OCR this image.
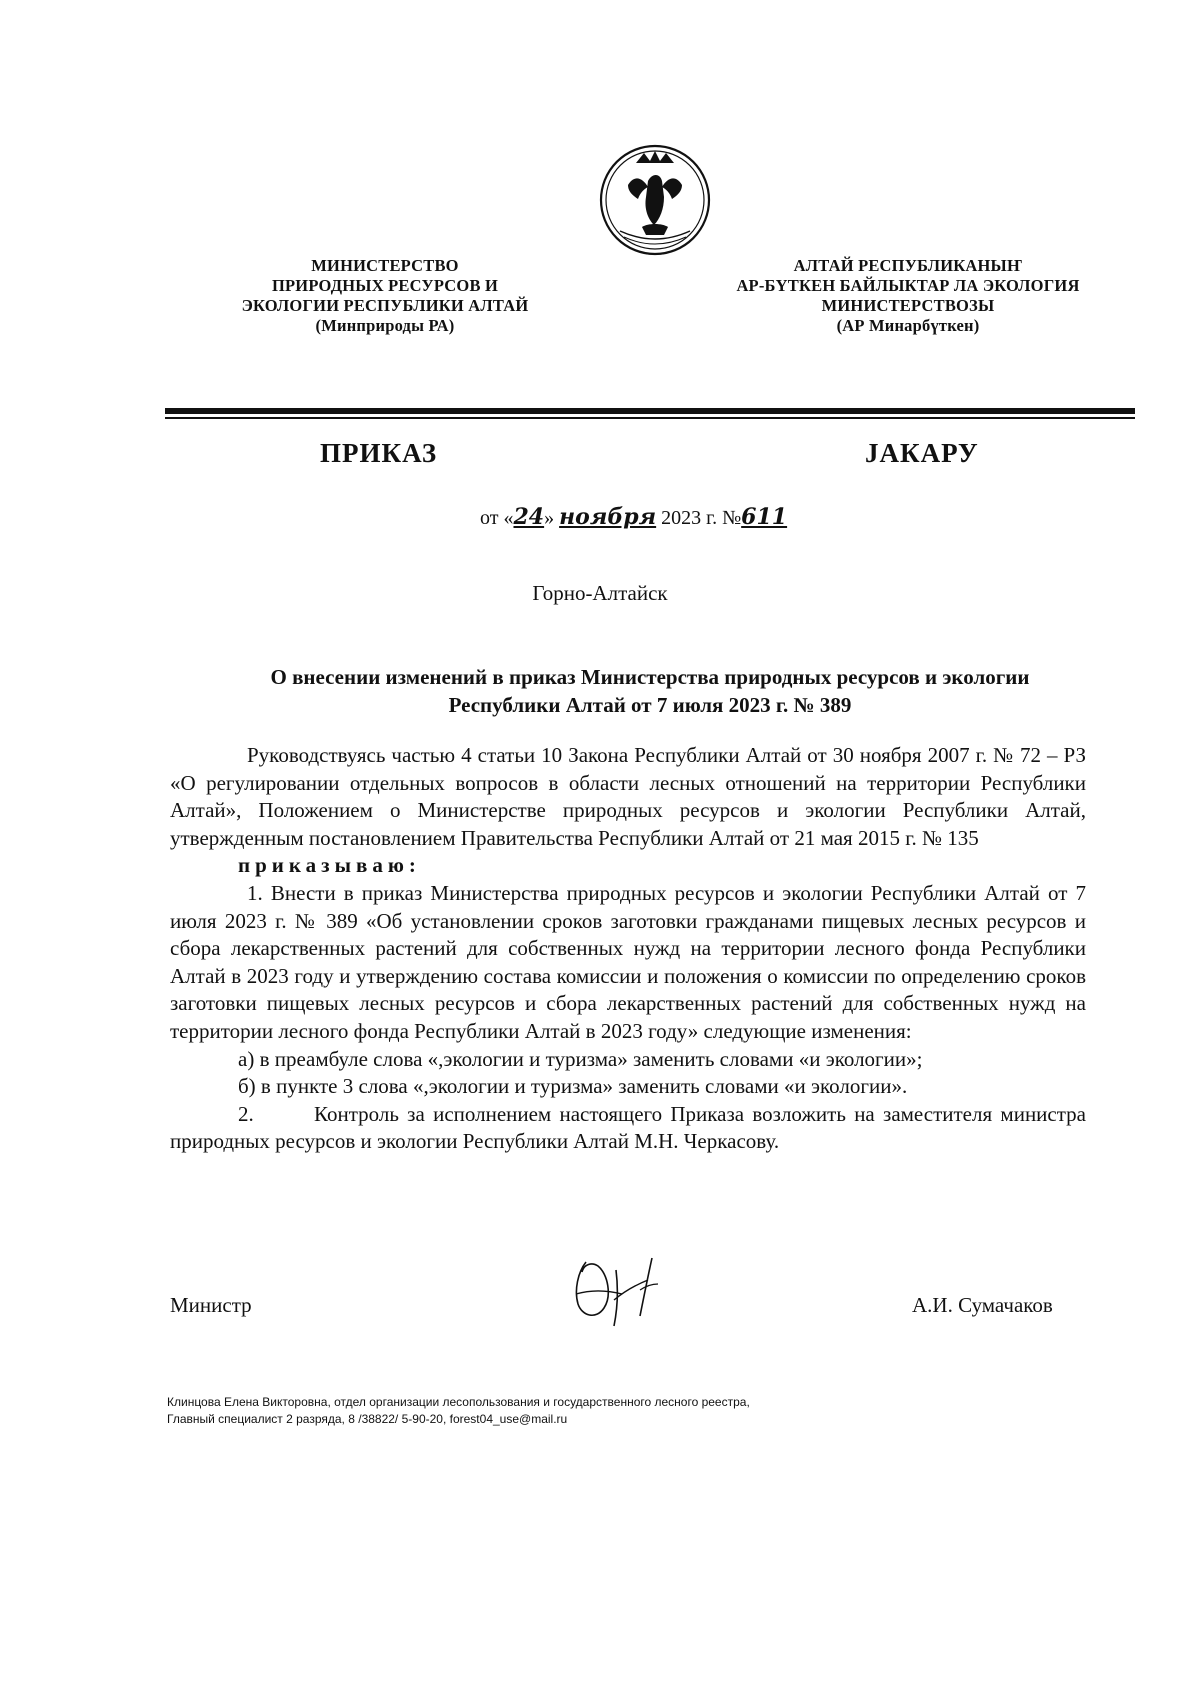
МИНИСТЕРСТВО
ПРИРОДНЫХ РЕСУРСОВ И
ЭКОЛОГИИ РЕСПУБЛИКИ АЛТАЙ
(Минприроды РА)
АЛТАЙ РЕСПУБЛИКАНЫҤ
АР-БҮТКЕН БАЙЛЫКТАР ЛА ЭКОЛОГИЯ
МИНИСТЕРСТВОЗЫ
(АР Минарбүткен)
ПРИКАЗ	JAКАРУ
от «24» ноября 2023 г. №611
Горно-Алтайск
О внесении изменений в приказ Министерства природных ресурсов и экологии
Республики Алтай от 7 июля 2023 г. № 389

Руководствуясь частью 4 статьи 10 Закона Республики Алтай от 30 ноября 2007 г. № 72 – РЗ «О регулировании отдельных вопросов в области лесных отношений на территории Республики Алтай», Положением о Министерстве природных ресурсов и экологии Республики Алтай, утвержденным постановлением Правительства Республики Алтай от 21 мая 2015 г. № 135

приказываю:

1. Внести в приказ Министерства природных ресурсов и экологии Республики Алтай от 7 июля 2023 г. № 389 «Об установлении сроков заготовки гражданами пищевых лесных ресурсов и сбора лекарственных растений для собственных нужд на территории лесного фонда Республики Алтай в 2023 году и утверждению состава комиссии и положения о комиссии по определению сроков заготовки пищевых лесных ресурсов и сбора лекарственных растений для собственных нужд на территории лесного фонда Республики Алтай в 2023 году» следующие изменения:

а) в преамбуле слова «,экологии и туризма» заменить словами «и экологии»;

б) в пункте 3 слова «,экологии и туризма» заменить словами «и экологии».

2.	Контроль за исполнением настоящего Приказа возложить на заместителя министра природных ресурсов и экологии Республики Алтай М.Н. Черкасову.

Министр	А.И. Сумачаков
Клинцова Елена Викторовна, отдел организации лесопользования и государственного лесного реестра,
Главный специалист 2 разряда, 8 /38822/ 5-90-20, forest04_use@mail.ru
